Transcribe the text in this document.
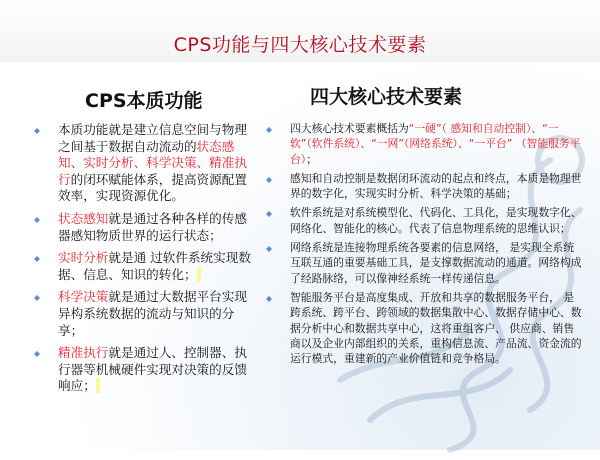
CPS功能与四大核心技术要素
CPS本质功能	四大核心技术要素
本质功能就是建立信息空间与物理之间基于数据自动流动的状态感知、实时分析、科学决策、精准执行的闭环赋能体系，提高资源配置效率，实现资源优化。
状态感知就是通过各种各样的传感器感知物质世界的运行状态；
实时分析就是通 过软件系统实现数据、信息、知识的转化；
科学决策就是通过大数据平台实现异构系统数据的流动与知识的分享；
精准执行就是通过人、控制器、执行器等机械硬件实现对决策的反馈响应；
四大核心技术要素概括为“一硬”（ 感知和自动控制）、“一软”（软件系统）、“一网”（网络系统）、“一平台” （智能服务平台）；
感知和自动控制是数据闭环流动的起点和终点，本质是物理世界的数字化，实现实时分析、科学决策的基础；
软件系统是对系统模型化、代码化、工具化，是实现数字化、网络化、智能化的核心。代表了信息物理系统的思维认识；
网络系统是连接物理系统各要素的信息网络， 是实现全系统互联互通的重要基础工具，是支撑数据流动的通道。网络构成了经路脉络，可以像神经系统一样传递信息。
智能服务平台是高度集成、开放和共享的数据服务平台， 是跨系统、跨平台、跨领域的数据集散中心、数据存储中心、数据分析中心和数据共享中心，这将重组客户、 供应商、销售商以及企业内部组织的关系，重构信息流、产品流、资金流的运行模式，重建新的产业价值链和竞争格局。
